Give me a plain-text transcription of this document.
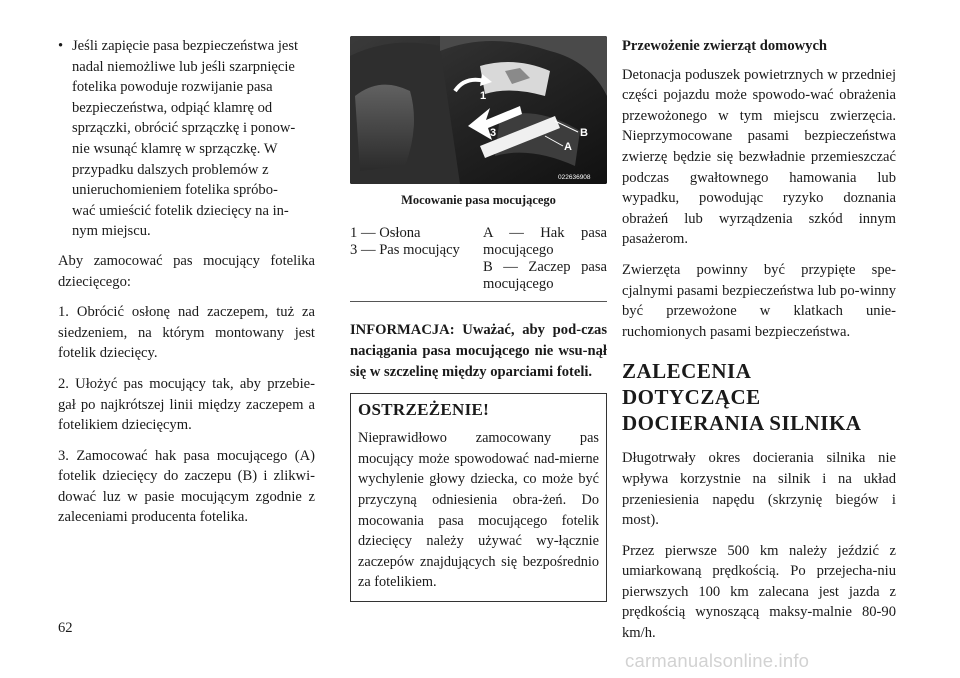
• Jeśli zapięcie pasa bezpieczeństwa jest
nadal niemożliwe lub jeśli szarpnięcie
fotelika powoduje rozwijanie pasa
bezpieczeństwa, odpiąć klamrę od
sprzączki, obrócić sprzączkę i ponow-
nie wsunąć klamrę w sprzączkę. W
przypadku dalszych problemów z
unieruchomieniem fotelika spróbo-
wać umieścić fotelik dziecięcy na in-
nym miejscu.

Aby zamocować pas mocujący fotelika dziecięcego:

1. Obrócić osłonę nad zaczepem, tuż za siedzeniem, na którym montowany jest fotelik dziecięcy.

2. Ułożyć pas mocujący tak, aby przebie-gał po najkrótszej linii między zaczepem a fotelikiem dziecięcym.

3. Zamocować hak pasa mocującego (A) fotelik dziecięcy do zaczepu (B) i zlikwi-dować luz w pasie mocującym zgodnie z zaleceniami producenta fotelika.

1
3	B
A
022636908
Mocowanie pasa mocującego
1 — Osłona
3 — Pas mocujący
A — Hak pasa mocującego
B — Zaczep pasa mocującego

INFORMACJA: Uważać, aby pod-czas naciągania pasa mocującego nie wsu-nął się w szczelinę między oparciami foteli.

OSTRZEŻENIE!
Nieprawidłowo zamocowany pas mocujący może spowodować nad-mierne wychylenie głowy dziecka, co może być przyczyną odniesienia obra-żeń. Do mocowania pasa mocującego fotelik dziecięcy należy używać wy-łącznie zaczepów znajdujących się bezpośrednio za fotelikiem.

Przewożenie zwierząt domowych

Detonacja poduszek powietrznych w przedniej części pojazdu może spowodo-wać obrażenia przewożonego w tym miejscu zwierzęcia. Nieprzymocowane pasami bezpieczeństwa zwierzę będzie się bezwładnie przemieszczać podczas gwałtownego hamowania lub wypadku, powodując ryzyko doznania obrażeń lub wyrządzenia szkód innym pasażerom.

Zwierzęta powinny być przypięte spe-cjalnymi pasami bezpieczeństwa lub po-winny być przewożone w klatkach unie-ruchomionych pasami bezpieczeństwa.

ZALECENIA
DOTYCZĄCE
DOCIERANIA SILNIKA

Długotrwały okres docierania silnika nie wpływa korzystnie na silnik i na układ przeniesienia napędu (skrzynię biegów i most).

Przez pierwsze 500 km należy jeździć z umiarkowaną prędkością. Po przejecha-niu pierwszych 100 km zalecana jest jazda z prędkością wynoszącą maksy-malnie 80-90 km/h.

62
carmanualsonline.info
